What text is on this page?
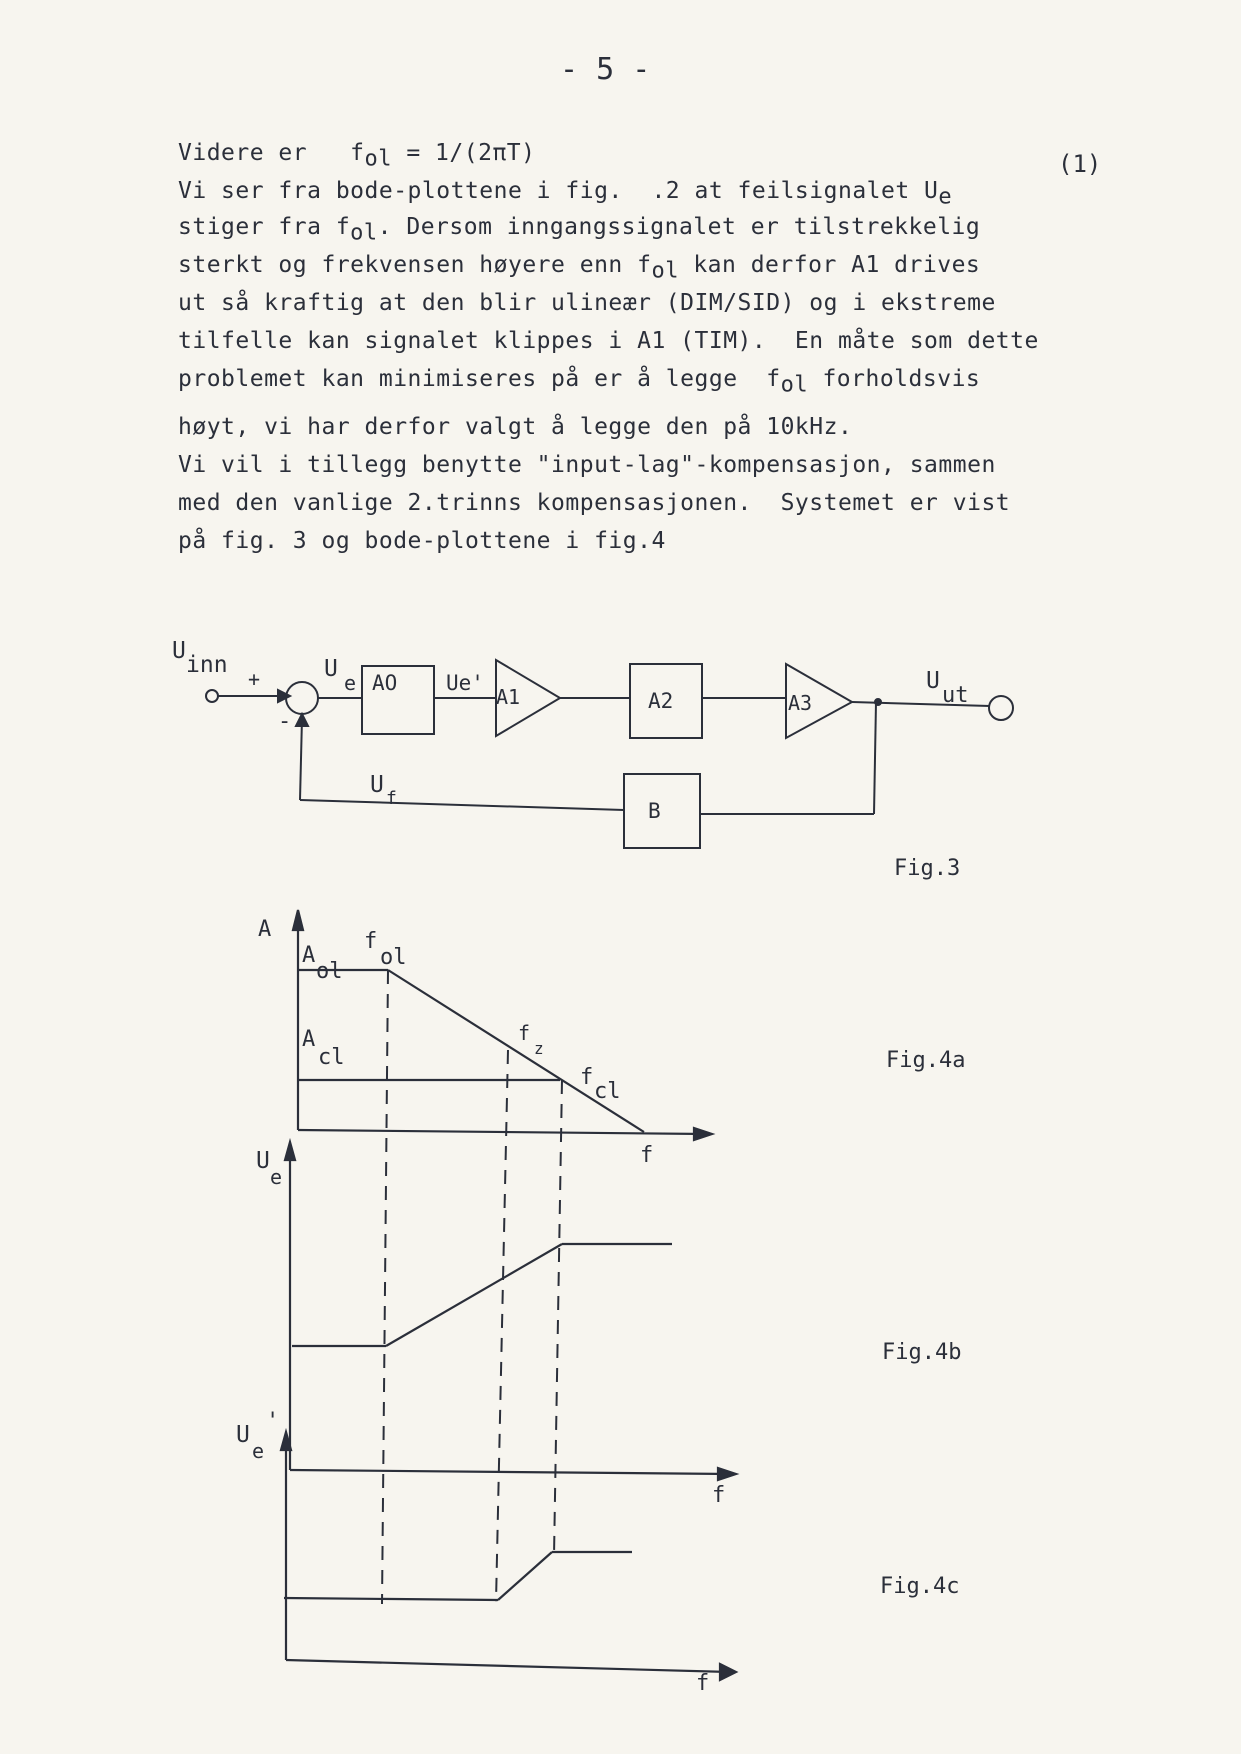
- 5 -
Videre er   $f_{ol} = 1/(2\pi T)$	(1)
Vi ser fra bode-plottene i fig.  .2 at feilsignalet $U_e$
stiger fra $f_{ol}$. Dersom inngangssignalet er tilstrekkelig
sterkt og frekvensen høyere enn $f_{ol}$ kan derfor A1 drives
ut så kraftig at den blir ulineær (DIM/SID) og i ekstreme
tilfelle kan signalet klippes i A1 (TIM).  En måte som dette
problemet kan minimiseres på er å legge  $f_{ol}$ forholdsvis
høyt, vi har derfor valgt å legge den på 10kHz.
Vi vil i tillegg benytte "input-lag"-kompensasjon, sammen
med den vanlige 2.trinns kompensasjonen.  Systemet er vist
på fig. 3 og bode-plottene i fig.4
U
inn
+
-
U
e AO Ue'
A1	A2	A3
U
ut
U
f
B
Fig.3
A
A
ol
f
ol
A
cl
f
z
f
cl
f
U
e
f
U
e
'
f
Fig.4a
Fig.4b
Fig.4c
